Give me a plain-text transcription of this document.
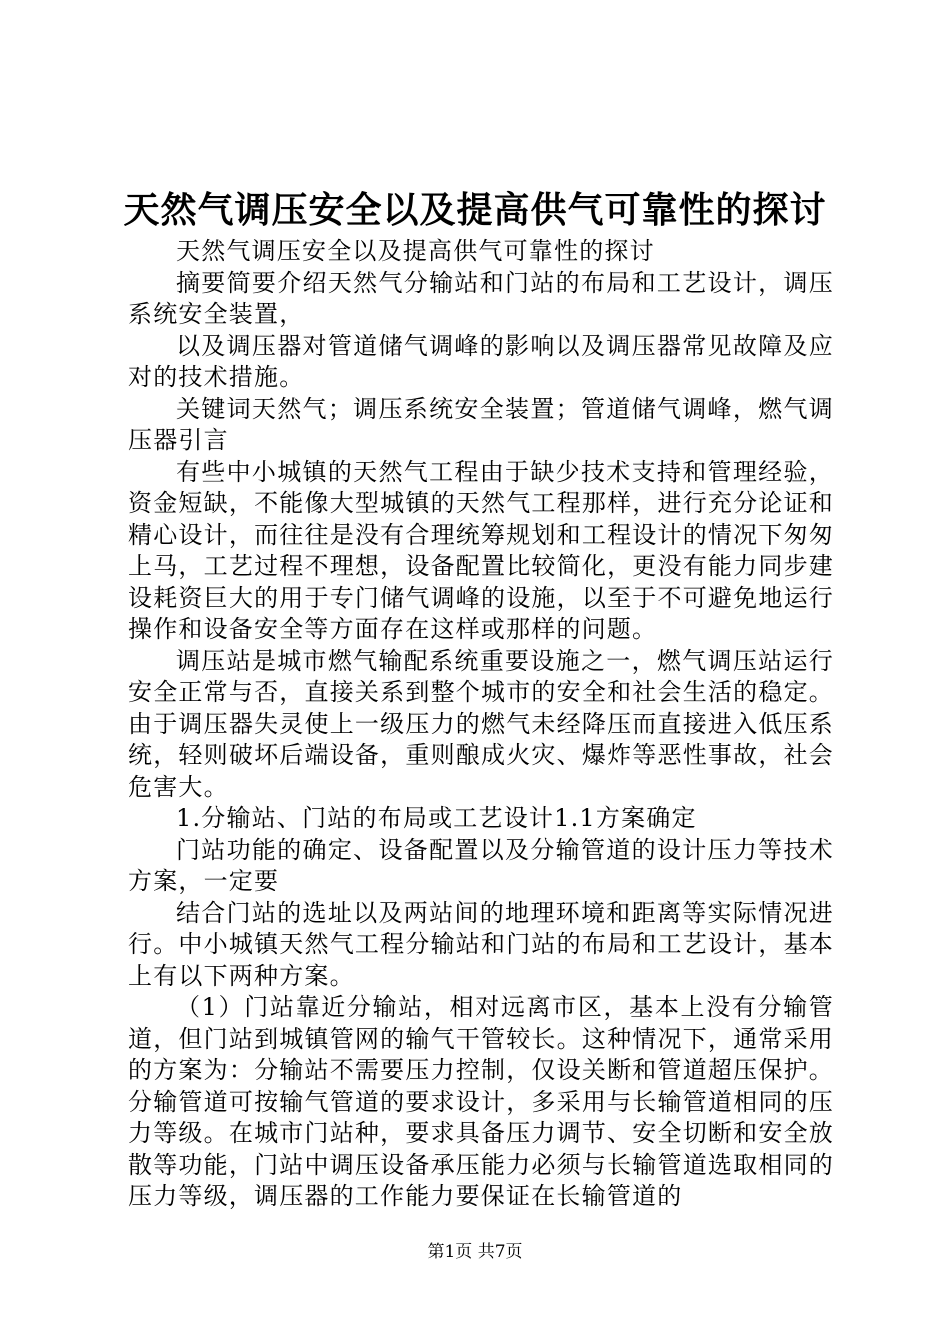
天然气调压安全以及提高供气可靠性的探讨

天然气调压安全以及提高供气可靠性的探讨

摘要简要介绍天然气分输站和门站的布局和工艺设计，调压系统安全装置，

以及调压器对管道储气调峰的影响以及调压器常见故障及应对的技术措施。

关键词天然气；调压系统安全装置；管道储气调峰，燃气调压器引言

有些中小城镇的天然气工程由于缺少技术支持和管理经验，资金短缺，不能像大型城镇的天然气工程那样，进行充分论证和精心设计，而往往是没有合理统筹规划和工程设计的情况下匆匆上马，工艺过程不理想，设备配置比较简化，更没有能力同步建设耗资巨大的用于专门储气调峰的设施，以至于不可避免地运行操作和设备安全等方面存在这样或那样的问题。

调压站是城市燃气输配系统重要设施之一，燃气调压站运行安全正常与否，直接关系到整个城市的安全和社会生活的稳定。由于调压器失灵使上一级压力的燃气未经降压而直接进入低压系统，轻则破坏后端设备，重则酿成火灾、爆炸等恶性事故，社会危害大。

1.分输站、门站的布局或工艺设计1.1方案确定

门站功能的确定、设备配置以及分输管道的设计压力等技术方案，一定要

结合门站的选址以及两站间的地理环境和距离等实际情况进行。中小城镇天然气工程分输站和门站的布局和工艺设计，基本上有以下两种方案。

（1）门站靠近分输站，相对远离市区，基本上没有分输管道，但门站到城镇管网的输气干管较长。这种情况下，通常采用的方案为：分输站不需要压力控制，仅设关断和管道超压保护。分输管道可按输气管道的要求设计，多采用与长输管道相同的压力等级。在城市门站种，要求具备压力调节、安全切断和安全放散等功能，门站中调压设备承压能力必须与长输管道选取相同的压力等级，调压器的工作能力要保证在长输管道的

第1页 共7页
